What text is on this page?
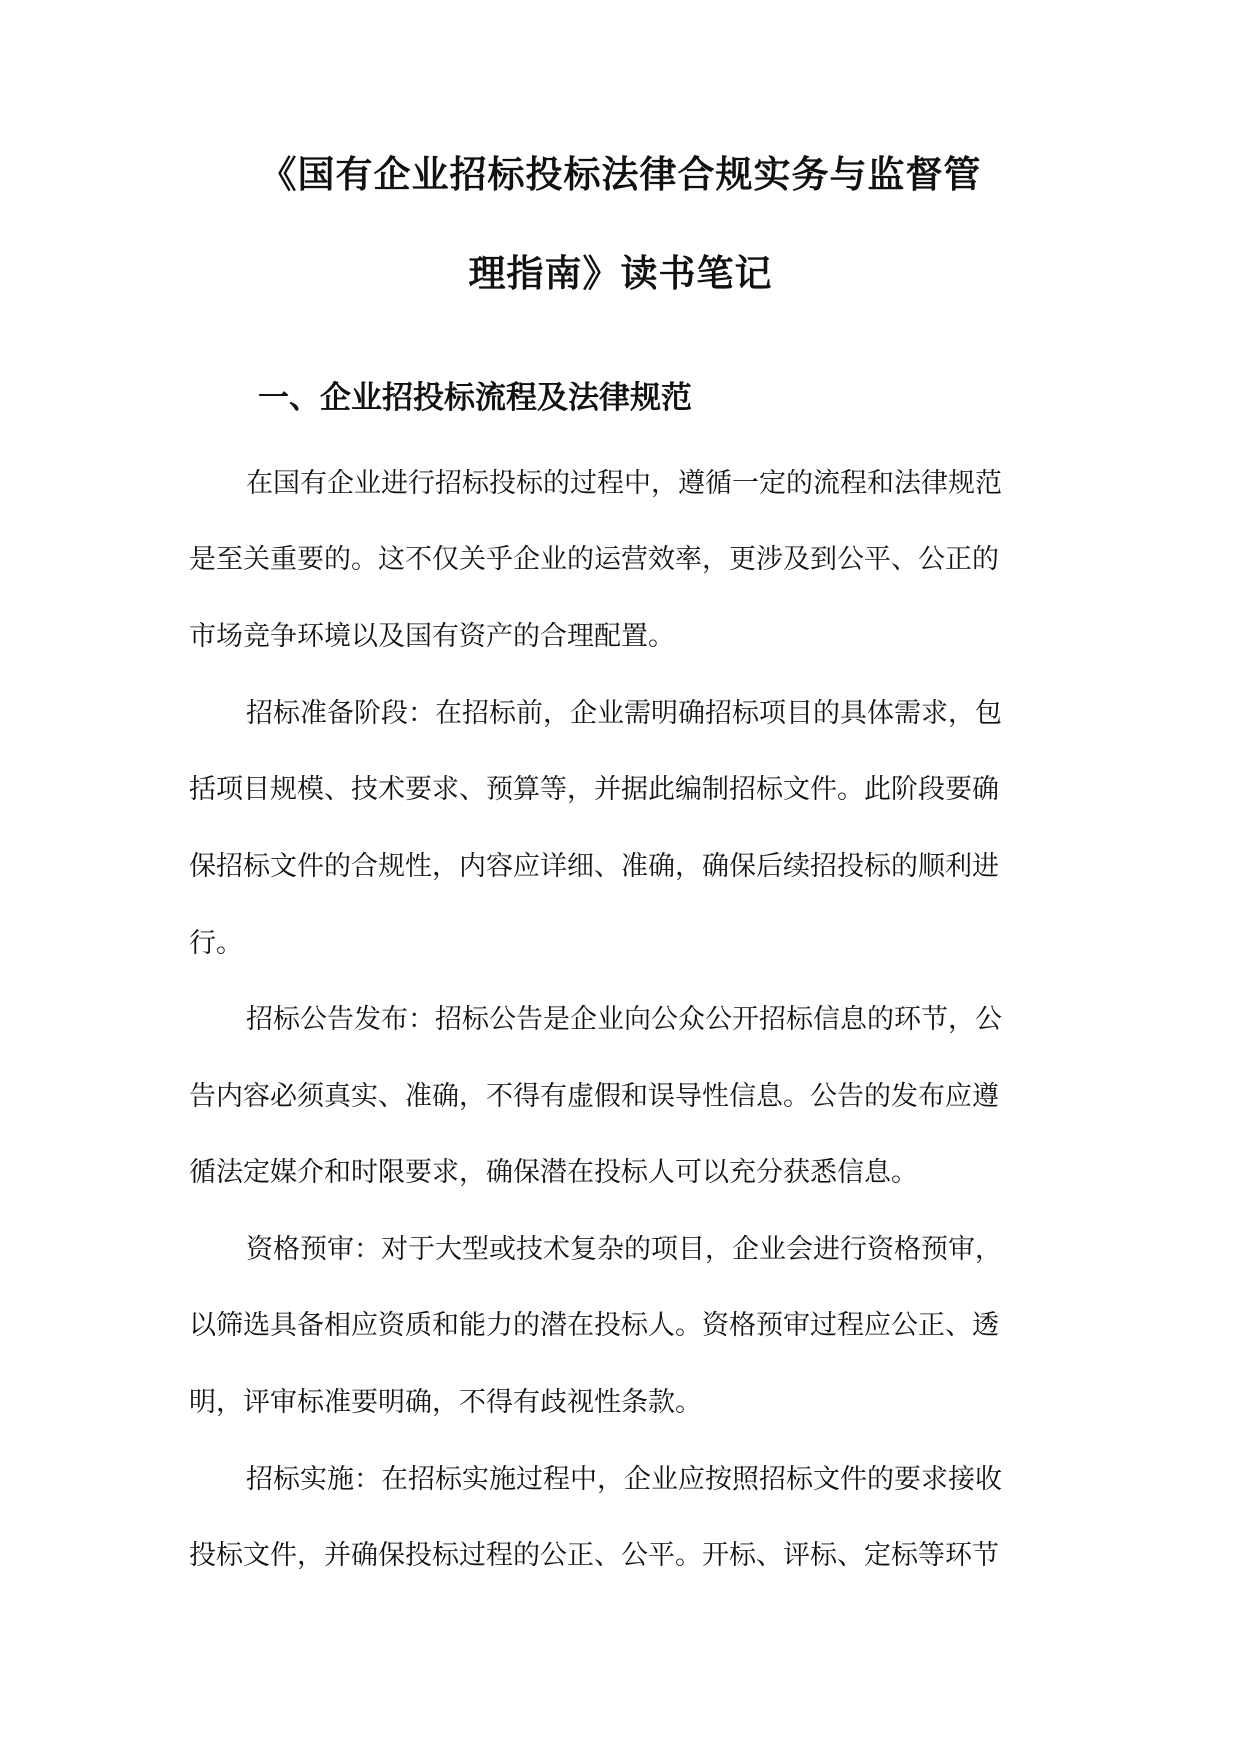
《国有企业招标投标法律合规实务与监督管
理指南》读书笔记
一、企业招投标流程及法律规范
在国有企业进行招标投标的过程中，遵循一定的流程和法律规范
是至关重要的。这不仅关乎企业的运营效率，更涉及到公平、公正的
市场竞争环境以及国有资产的合理配置。
招标准备阶段：在招标前，企业需明确招标项目的具体需求，包
括项目规模、技术要求、预算等，并据此编制招标文件。此阶段要确
保招标文件的合规性，内容应详细、准确，确保后续招投标的顺利进
行。
招标公告发布：招标公告是企业向公众公开招标信息的环节，公
告内容必须真实、准确，不得有虚假和误导性信息。公告的发布应遵
循法定媒介和时限要求，确保潜在投标人可以充分获悉信息。
资格预审：对于大型或技术复杂的项目，企业会进行资格预审，
以筛选具备相应资质和能力的潜在投标人。资格预审过程应公正、透
明，评审标准要明确，不得有歧视性条款。
招标实施：在招标实施过程中，企业应按照招标文件的要求接收
投标文件，并确保投标过程的公正、公平。开标、评标、定标等环节
